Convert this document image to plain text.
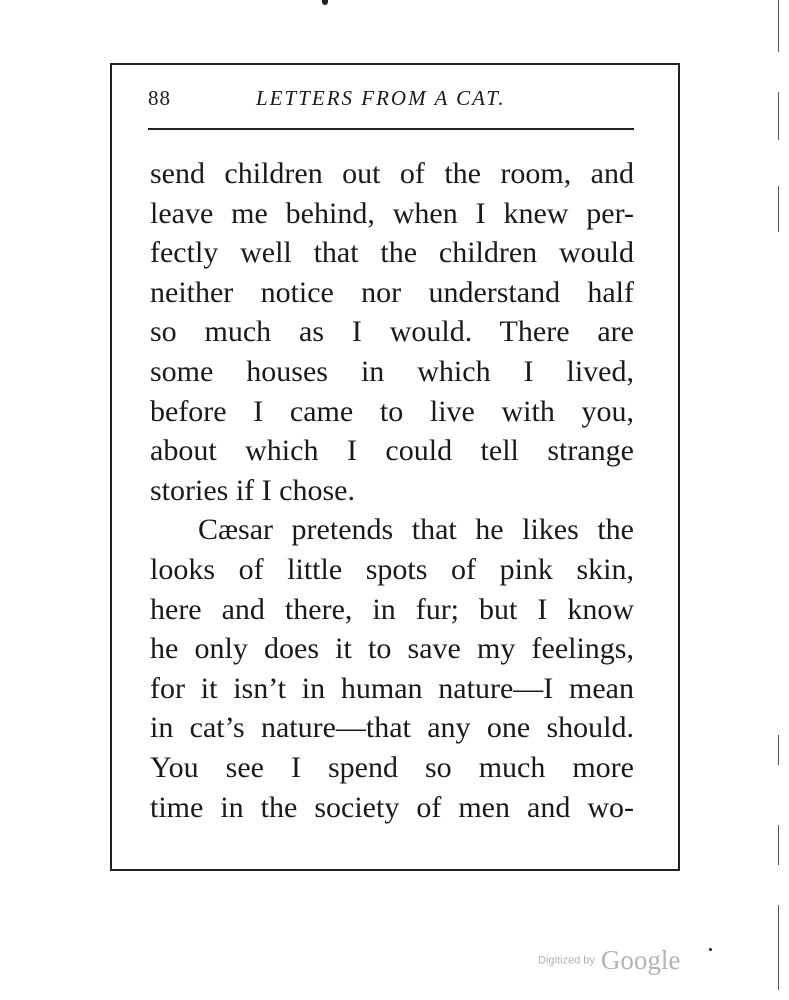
88	LETTERS FROM A CAT.
send children out of the room, and
leave me behind, when I knew per-
fectly well that the children would
neither notice nor understand half
so much as I would. There are
some houses in which I lived,
before I came to live with you,
about which I could tell strange
stories if I chose.
Cæsar pretends that he likes the
looks of little spots of pink skin,
here and there, in fur; but I know
he only does it to save my feelings,
for it isn’t in human nature—I mean
in cat’s nature—that any one should.
You see I spend so much more
time in the society of men and wo-
Digitized by Google
